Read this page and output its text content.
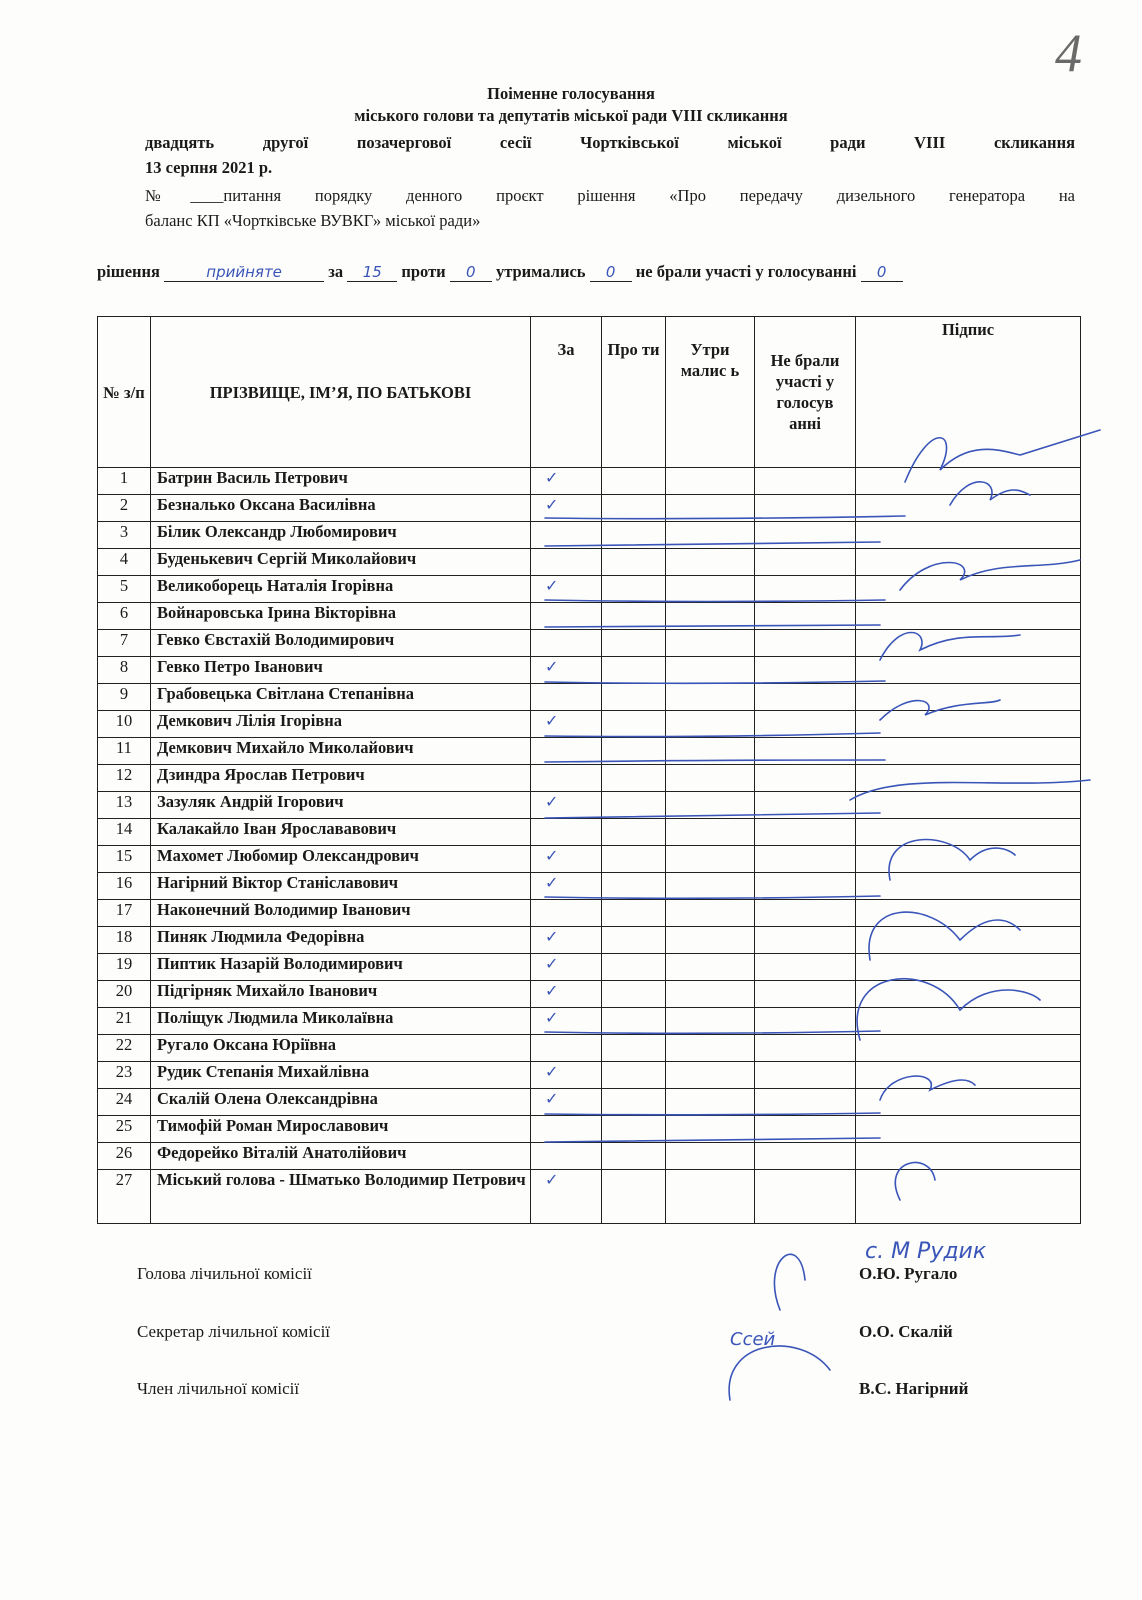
4
Поіменне голосування
міського голови та депутатів міської ради VIII скликання
двадцять другої позачергової сесії Чортківської міської ради VIII скликання
13 серпня 2021 р.
№____питання порядку денного проєкт рішення «Про передачу дизельного генератора на
баланс КП «Чортківське ВУВКГ» міської ради»
рішення	прийняте	за 15 проти 0 утримались 0 не брали участі у голосуванні 0
№ з/п	ПРІЗВИЩЕ, ІМ’Я, ПО БАТЬКОВІ	За	Про ти	Утри малис ь	Не брали участі у голосув анні	Підпис
1	Батрин Василь Петрович	✓				
2	Безналько Оксана Василівна	✓				
3	Білик Олександр Любомирович					
4	Буденькевич Сергій Миколайович					
5	Великоборець Наталія Ігорівна	✓				
6	Войнаровська Ірина Вікторівна					
7	Гевко Євстахій Володимирович					
8	Гевко Петро Іванович	✓				
9	Грабовецька Світлана Степанівна					
10	Демкович Лілія Ігорівна	✓				
11	Демкович Михайло Миколайович					
12	Дзиндра Ярослав Петрович					
13	Зазуляк Андрій Ігорович	✓				
14	Калакайло Іван Ярослававович					
15	Махомет Любомир Олександрович	✓				
16	Нагірний Віктор Станіславович	✓				
17	Наконечний Володимир Іванович					
18	Пиняк Людмила Федорівна	✓				
19	Пиптик Назарій Володимирович	✓				
20	Підгірняк Михайло Іванович	✓				
21	Поліщук Людмила Миколаївна	✓				
22	Ругало Оксана Юріївна					
23	Рудик Степанія Михайлівна	✓				
24	Скалій Олена Олександрівна	✓				
25	Тимофій Роман Мирославович					
26	Федорейко Віталій Анатолійович					
27	Міський голова - Шматько Володимир Петрович	✓				
Голова лічильної комісії	О.Ю. Ругало
Секретар лічильної комісії	О.О. Скалій
Член лічильної комісії	В.С. Нагірний
с. М Рудик
Ссей
